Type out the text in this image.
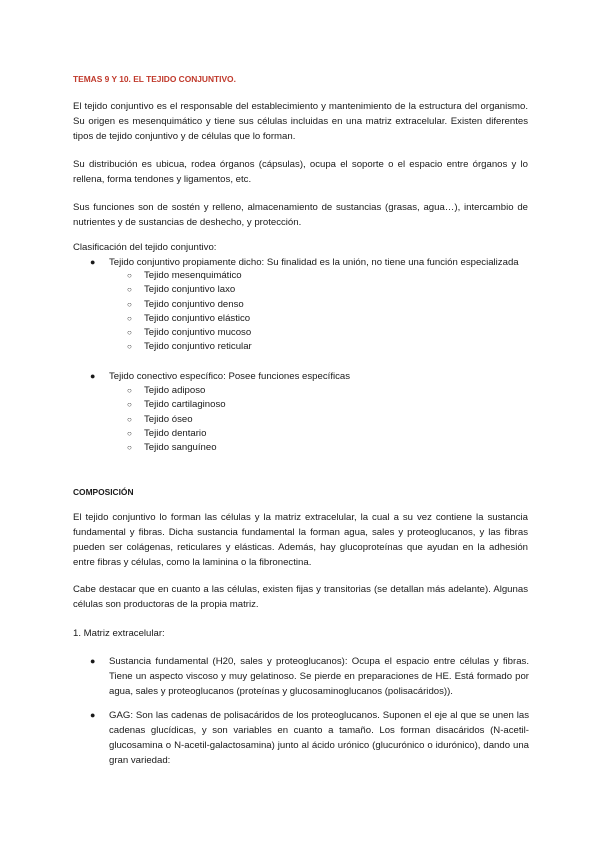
TEMAS 9 Y 10. EL TEJIDO CONJUNTIVO.

El tejido conjuntivo es el responsable del establecimiento y mantenimiento de la estructura del organismo. Su origen es mesenquimático y tiene sus células incluidas en una matriz extracelular. Existen diferentes tipos de tejido conjuntivo y de células que lo forman.

Su distribución es ubicua, rodea órganos (cápsulas), ocupa el soporte o el espacio entre órganos y lo rellena, forma tendones y ligamentos, etc.

Sus funciones son de sostén y relleno, almacenamiento de sustancias (grasas, agua…), intercambio de nutrientes y de sustancias de deshecho, y protección.

Clasificación del tejido conjuntivo:

●	Tejido conjuntivo propiamente dicho: Su finalidad es la unión, no tiene una función especializada
○ Tejido mesenquimático
○ Tejido conjuntivo laxo
○ Tejido conjuntivo denso
○ Tejido conjuntivo elástico
○ Tejido conjuntivo mucoso
○ Tejido conjuntivo reticular
●	Tejido conectivo específico: Posee funciones específicas
○ Tejido adiposo
○ Tejido cartilaginoso
○ Tejido óseo
○ Tejido dentario
○ Tejido sanguíneo

COMPOSICIÓN

El tejido conjuntivo lo forman las células y la matriz extracelular, la cual a su vez contiene la sustancia fundamental y fibras. Dicha sustancia fundamental la forman agua, sales y proteoglucanos, y las fibras pueden ser colágenas, reticulares y elásticas. Además, hay glucoproteínas que ayudan en la adhesión entre fibras y células, como la laminina o la fibronectina.

Cabe destacar que en cuanto a las células, existen fijas y transitorias (se detallan más adelante). Algunas células son productoras de la propia matriz.

1. Matriz extracelular:

●	Sustancia fundamental (H20, sales y proteoglucanos): Ocupa el espacio entre células y fibras. Tiene un aspecto viscoso y muy gelatinoso. Se pierde en preparaciones de HE. Está formado por agua, sales y proteoglucanos (proteínas y glucosaminoglucanos (polisacáridos)).
●	GAG: Son las cadenas de polisacáridos de los proteoglucanos. Suponen el eje al que se unen las cadenas glucídicas, y son variables en cuanto a tamaño. Los forman disacáridos (N-acetil-glucosamina o N-acetil-galactosamina) junto al ácido urónico (glucurónico o idurónico), dando una gran variedad:
